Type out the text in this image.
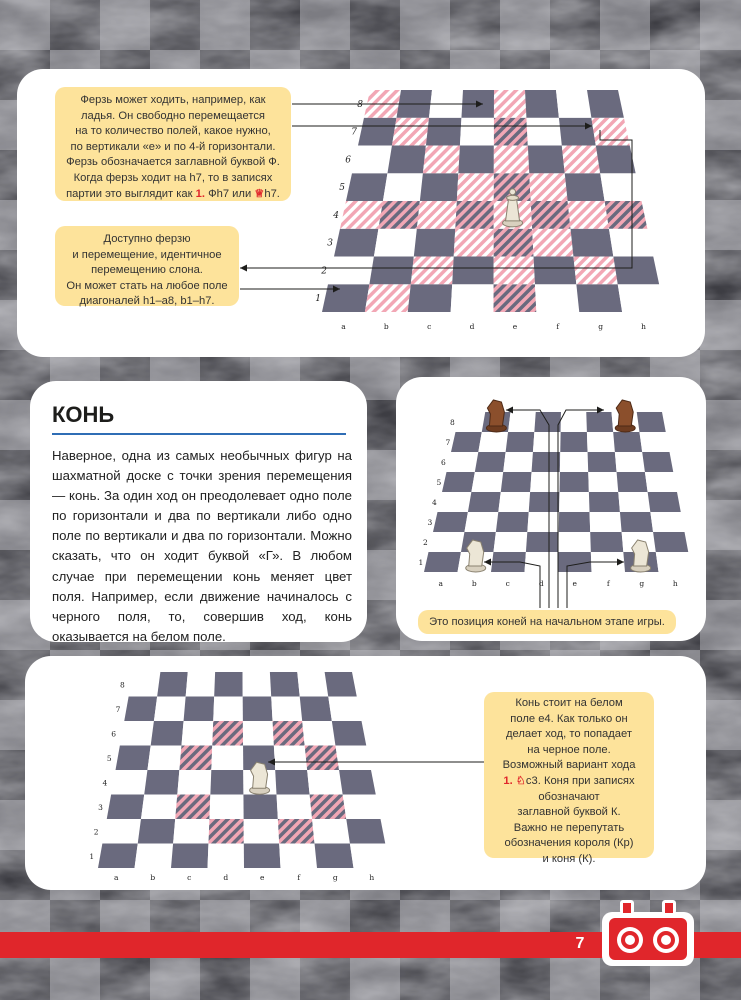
1
2
3
4
5
6
7
8
a	b	c	d	e	f	g	h
Ферзь может ходить, например, как
ладья. Он свободно перемещается
на то количество полей, какое нужно,
по вертикали «е» и по 4-й горизонтали.
Ферзь обозначается заглавной буквой Ф.
Когда ферзь ходит на h7, то в записях
партии это выглядит как 1. Фh7 или ♕h7.
Доступно ферзю
и перемещение, идентичное
перемещению слона.
Он может стать на любое поле
диагоналей h1–a8, b1–h7.
КОНЬ
Наверное, одна из самых необычных фигур на шахматной доске с точки зрения перемещения — конь. За один ход он преодолевает одно поле по горизонтали и два по вертикали либо одно поле по вертикали и два по горизонтали. Можно сказать, что он ходит буквой «Г». В любом случае при перемещении конь меняет цвет поля. Например, если движение начиналось с черного поля, то, совершив ход, конь оказывается на белом поле.
1
2
3
4
5
6
7
8
a	b	c	d	e	f	g	h
Это позиция коней на начальном этапе игры.
1
2
3
4
5
6
7
8
a	b	c	d	e	f	g	h
Конь стоит на белом
поле е4. Как только он
делает ход, то попадает
на черное поле.
Возможный вариант хода
1. ♘c3. Коня при записях
обозначают
заглавной буквой К.
Важно не перепутать
обозначения короля (Кр)
и коня (К).
7
